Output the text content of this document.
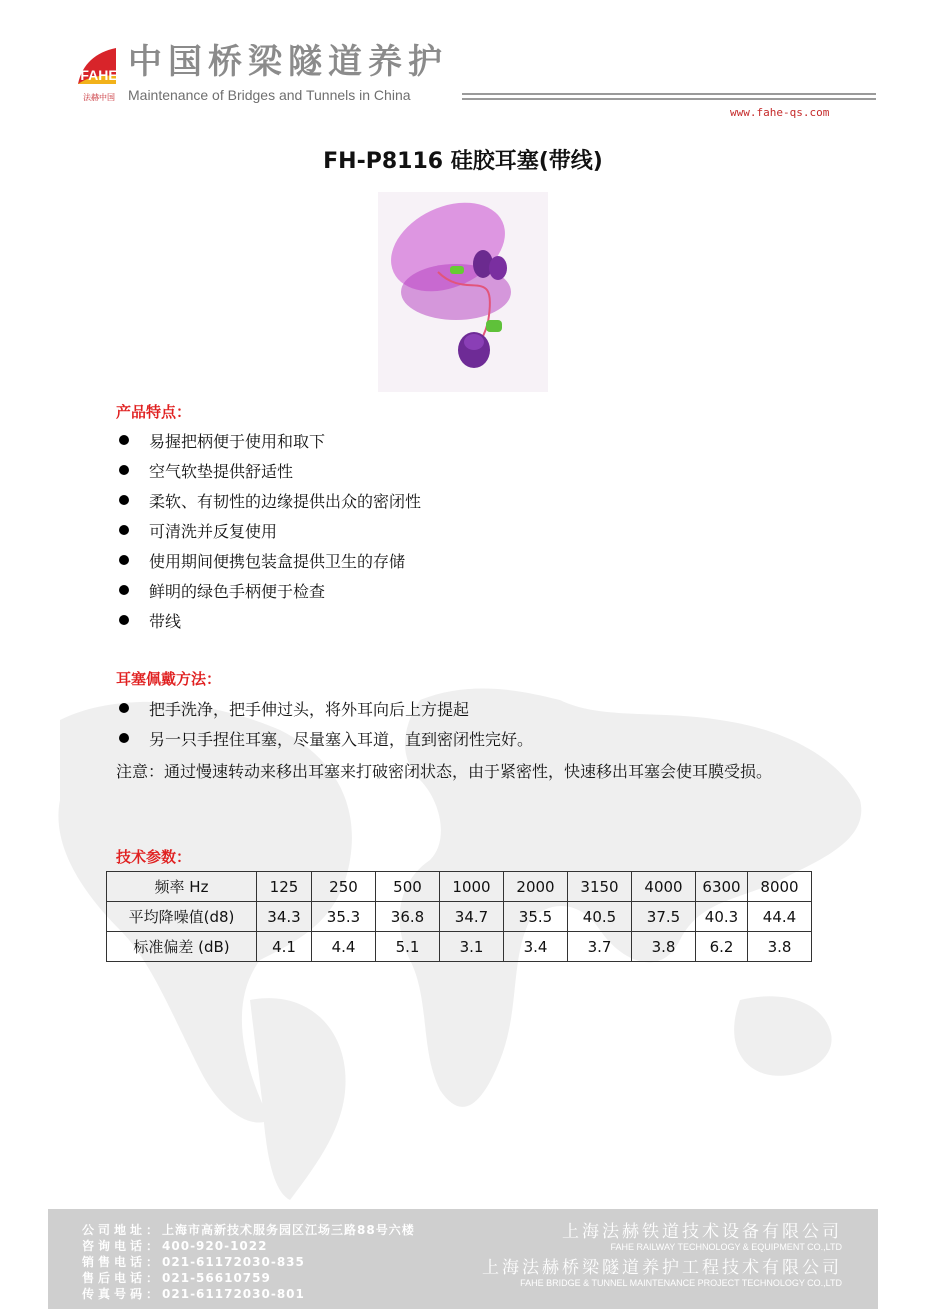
FAHE
法赫中国
中国桥梁隧道养护
Maintenance of Bridges and Tunnels in China
www.fahe-qs.com
FH-P8116 硅胶耳塞(带线)
产品特点：
易握把柄便于使用和取下
空气软垫提供舒适性
柔软、有韧性的边缘提供出众的密闭性
可清洗并反复使用
使用期间便携包装盒提供卫生的存储
鲜明的绿色手柄便于检查
带线
耳塞佩戴方法：
把手洗净，把手伸过头，将外耳向后上方提起
另一只手捏住耳塞，尽量塞入耳道，直到密闭性完好。
注意：通过慢速转动来移出耳塞来打破密闭状态，由于紧密性，快速移出耳塞会使耳膜受损。
技术参数：
频率 Hz	125	250	500	1000	2000	3150	4000	6300	8000
平均降噪值(d8)	34.3	35.3	36.8	34.7	35.5	40.5	37.5	40.3	44.4
标准偏差 (dB)	4.1	4.4	5.1	3.1	3.4	3.7	3.8	6.2	3.8
公司地址：上海市高新技术服务园区江场三路88号六楼
咨询电话：400-920-1022
销售电话：021-61172030-835
售后电话：021-56610759
传真号码：021-61172030-801
上海法赫铁道技术设备有限公司
FAHE RAILWAY TECHNOLOGY & EQUIPMENT CO.,LTD
上海法赫桥梁隧道养护工程技术有限公司
FAHE BRIDGE & TUNNEL MAINTENANCE PROJECT TECHNOLOGY CO.,LTD
